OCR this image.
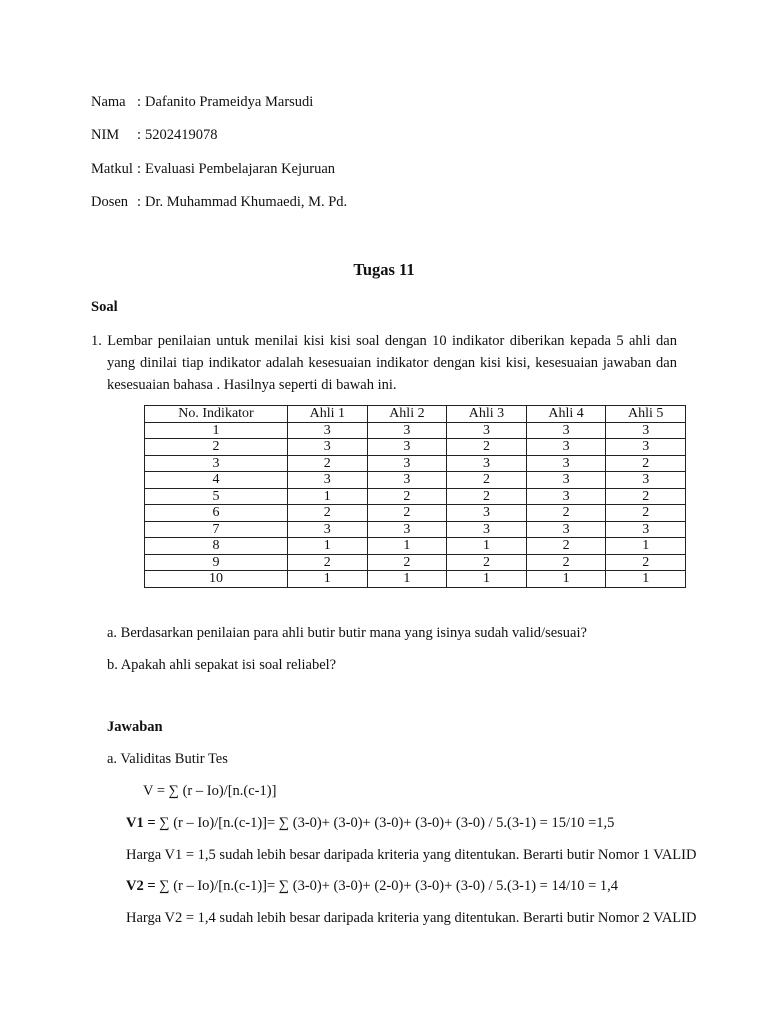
Nama : Dafanito Prameidya Marsudi
NIM	: 5202419078
Matkul : Evaluasi Pembelajaran Kejuruan
Dosen : Dr. Muhammad Khumaedi, M. Pd.
Tugas 11
Soal
1. Lembar penilaian untuk menilai kisi kisi soal dengan 10 indikator diberikan kepada 5 ahli dan yang dinilai tiap indikator adalah kesesuaian indikator dengan kisi kisi, kesesuaian jawaban dan kesesuaian bahasa . Hasilnya seperti di bawah ini.
No. Indikator	Ahli 1	Ahli 2	Ahli 3	Ahli 4	Ahli 5
1	3	3	3	3	3
2	3	3	2	3	3
3	2	3	3	3	2
4	3	3	2	3	3
5	1	2	2	3	2
6	2	2	3	2	2
7	3	3	3	3	3
8	1	1	1	2	1
9	2	2	2	2	2
10	1	1	1	1	1
a. Berdasarkan penilaian para ahli butir butir mana yang isinya sudah valid/sesuai?
b. Apakah ahli sepakat isi soal reliabel?
Jawaban
a. Validitas Butir Tes
V = ∑ (r – Io)/[n.(c-1)]
V1 = ∑ (r – Io)/[n.(c-1)]= ∑ (3-0)+ (3-0)+ (3-0)+ (3-0)+ (3-0) / 5.(3-1) = 15/10 =1,5
Harga V1 = 1,5 sudah lebih besar daripada kriteria yang ditentukan. Berarti butir Nomor 1 VALID
V2 = ∑ (r – Io)/[n.(c-1)]= ∑ (3-0)+ (3-0)+ (2-0)+ (3-0)+ (3-0) / 5.(3-1) = 14/10 = 1,4
Harga V2 = 1,4 sudah lebih besar daripada kriteria yang ditentukan. Berarti butir Nomor 2 VALID
